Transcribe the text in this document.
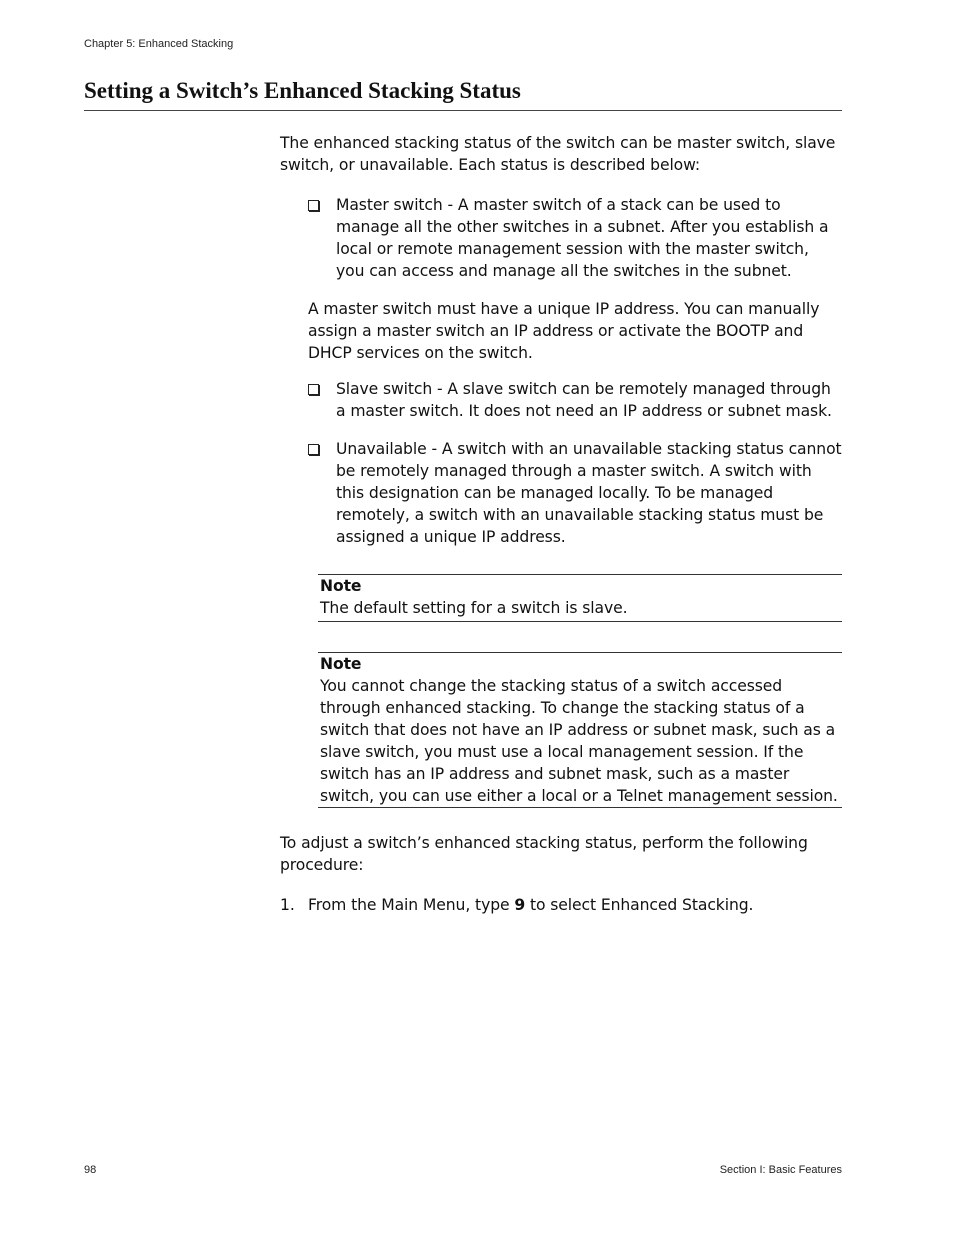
Chapter 5: Enhanced Stacking
Setting a Switch’s Enhanced Stacking Status

The enhanced stacking status of the switch can be master switch, slave switch, or unavailable. Each status is described below:

Master switch - A master switch of a stack can be used to manage all the other switches in a subnet. After you establish a local or remote management session with the master switch, you can access and manage all the switches in the subnet.

A master switch must have a unique IP address. You can manually assign a master switch an IP address or activate the BOOTP and DHCP services on the switch.

Slave switch - A slave switch can be remotely managed through a master switch. It does not need an IP address or subnet mask.
Unavailable - A switch with an unavailable stacking status cannot be remotely managed through a master switch. A switch with this designation can be managed locally. To be managed remotely, a switch with an unavailable stacking status must be assigned a unique IP address.
Note
The default setting for a switch is slave.
Note
You cannot change the stacking status of a switch accessed through enhanced stacking. To change the stacking status of a switch that does not have an IP address or subnet mask, such as a slave switch, you must use a local management session. If the switch has an IP address and subnet mask, such as a master switch, you can use either a local or a Telnet management session.

To adjust a switch’s enhanced stacking status, perform the following procedure:

1. From the Main Menu, type 9 to select Enhanced Stacking.
98	Section I: Basic Features
